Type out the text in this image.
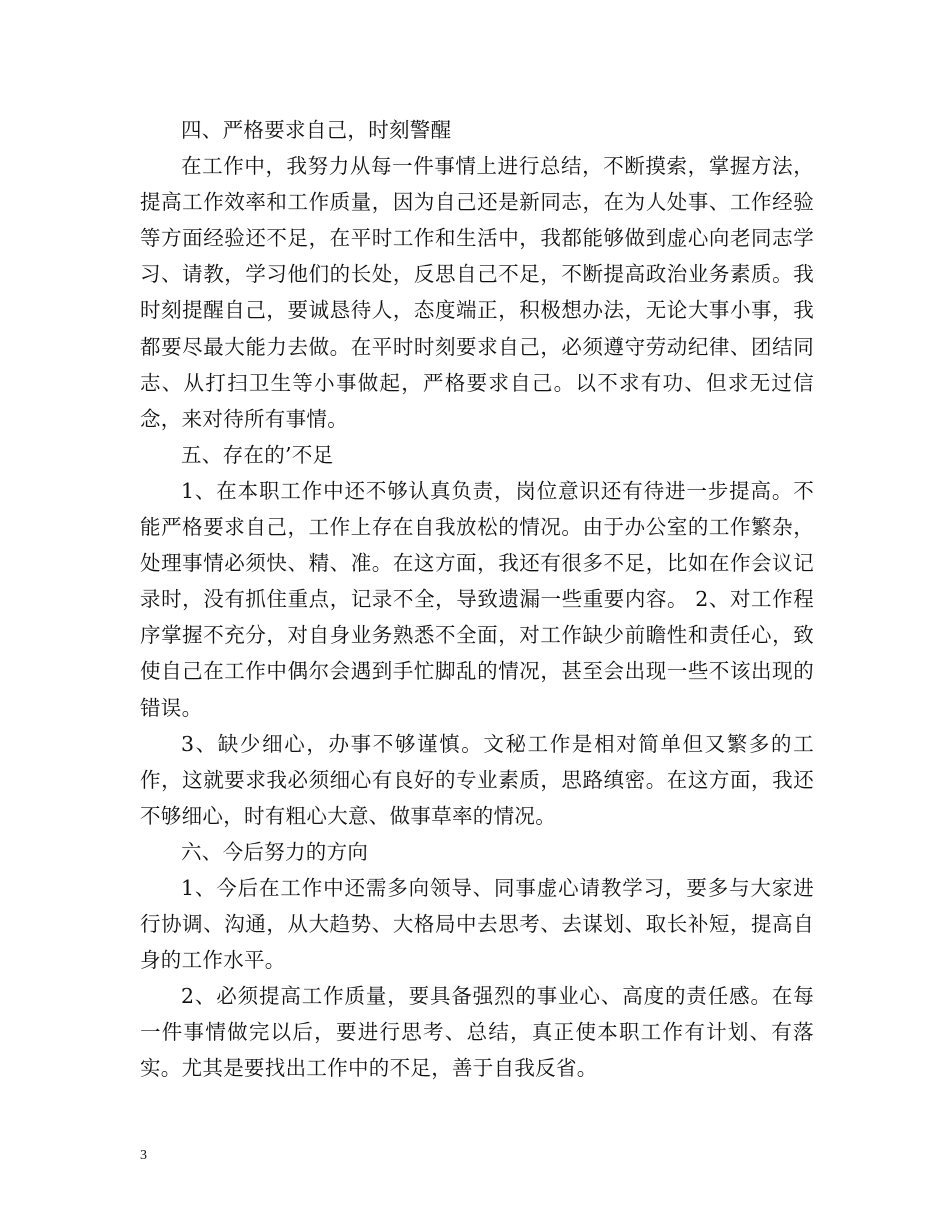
四、严格要求自己，时刻警醒

在工作中，我努力从每一件事情上进行总结，不断摸索，掌握方法，提高工作效率和工作质量，因为自己还是新同志，在为人处事、工作经验等方面经验还不足，在平时工作和生活中，我都能够做到虚心向老同志学习、请教，学习他们的长处，反思自己不足，不断提高政治业务素质。我时刻提醒自己，要诚恳待人，态度端正，积极想办法，无论大事小事，我都要尽最大能力去做。在平时时刻要求自己，必须遵守劳动纪律、团结同志、从打扫卫生等小事做起，严格要求自己。以不求有功、但求无过信念，来对待所有事情。

五、存在的’不足

1、在本职工作中还不够认真负责，岗位意识还有待进一步提高。不能严格要求自己，工作上存在自我放松的情况。由于办公室的工作繁杂，处理事情必须快、精、准。在这方面，我还有很多不足，比如在作会议记录时，没有抓住重点，记录不全，导致遗漏一些重要内容。 2、对工作程序掌握不充分，对自身业务熟悉不全面，对工作缺少前瞻性和责任心，致使自己在工作中偶尔会遇到手忙脚乱的情况，甚至会出现一些不该出现的错误。

3、缺少细心，办事不够谨慎。文秘工作是相对简单但又繁多的工作，这就要求我必须细心有良好的专业素质，思路缜密。在这方面，我还不够细心，时有粗心大意、做事草率的情况。

六、今后努力的方向

1、今后在工作中还需多向领导、同事虚心请教学习，要多与大家进行协调、沟通，从大趋势、大格局中去思考、去谋划、取长补短，提高自身的工作水平。

2、必须提高工作质量，要具备强烈的事业心、高度的责任感。在每一件事情做完以后，要进行思考、总结，真正使本职工作有计划、有落实。尤其是要找出工作中的不足，善于自我反省。

3
